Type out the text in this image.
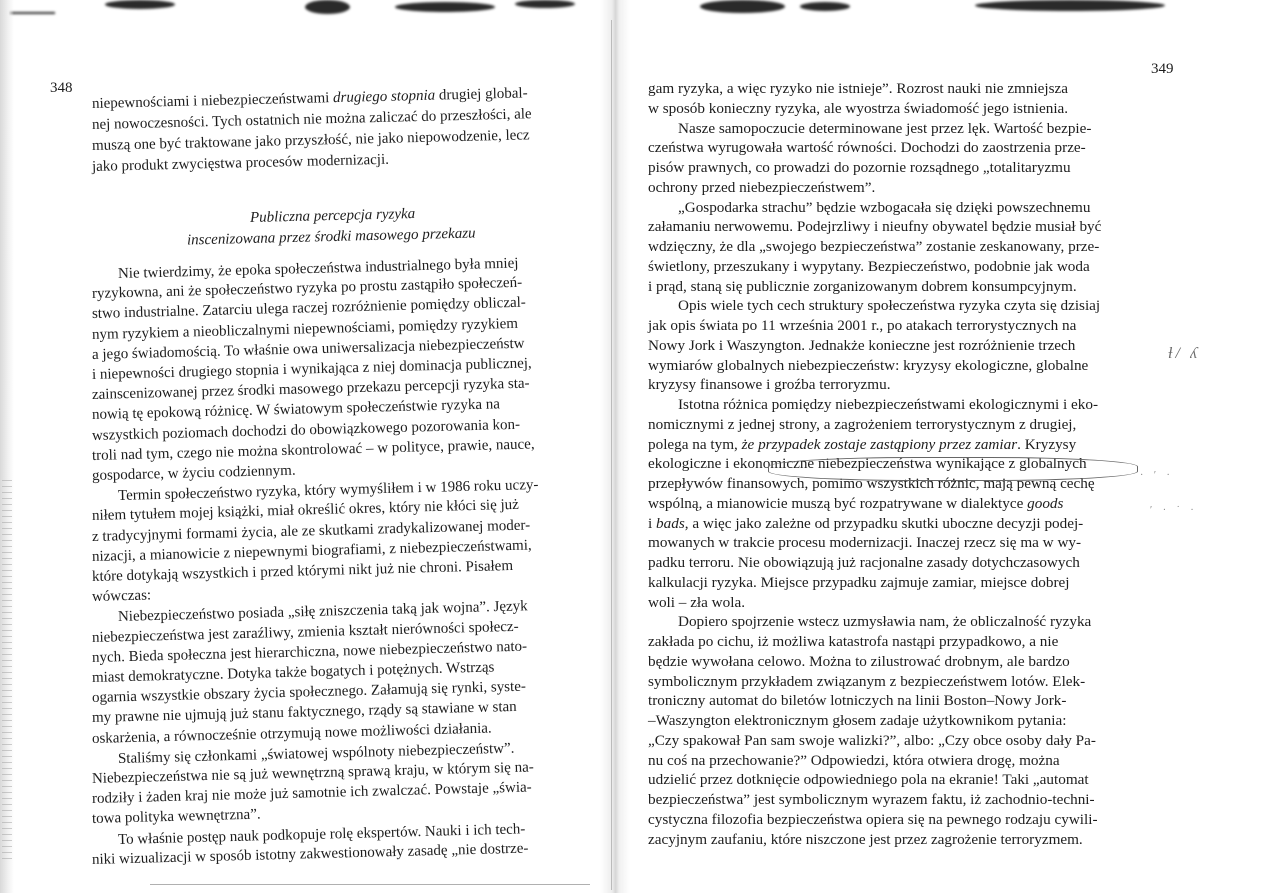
348
niepewnościami i niebezpieczeństwami drugiego stopnia drugiej global-
nej nowoczesności. Tych ostatnich nie można zaliczać do przeszłości, ale
muszą one być traktowane jako przyszłość, nie jako niepowodzenie, lecz
jako produkt zwycięstwa procesów modernizacji.
Publiczna percepcja ryzyka
inscenizowana przez środki masowego przekazu
Nie twierdzimy, że epoka społeczeństwa industrialnego była mniej
ryzykowna, ani że społeczeństwo ryzyka po prostu zastąpiło społeczeń-
stwo industrialne. Zatarciu ulega raczej rozróżnienie pomiędzy obliczal-
nym ryzykiem a nieobliczalnymi niepewnościami, pomiędzy ryzykiem
a jego świadomością. To właśnie owa uniwersalizacja niebezpieczeństw
i niepewności drugiego stopnia i wynikająca z niej dominacja publicznej,
zainscenizowanej przez środki masowego przekazu percepcji ryzyka sta-
nowią tę epokową różnicę. W światowym społeczeństwie ryzyka na
wszystkich poziomach dochodzi do obowiązkowego pozorowania kon-
troli nad tym, czego nie można skontrolować – w polityce, prawie, nauce,
gospodarce, w życiu codziennym.
Termin społeczeństwo ryzyka, który wymyśliłem i w 1986 roku uczy-
niłem tytułem mojej książki, miał określić okres, który nie kłóci się już
z tradycyjnymi formami życia, ale ze skutkami zradykalizowanej moder-
nizacji, a mianowicie z niepewnymi biografiami, z niebezpieczeństwami,
które dotykają wszystkich i przed którymi nikt już nie chroni. Pisałem
wówczas:
Niebezpieczeństwo posiada „siłę zniszczenia taką jak wojna”. Język
niebezpieczeństwa jest zaraźliwy, zmienia kształt nierówności społecz-
nych. Bieda społeczna jest hierarchiczna, nowe niebezpieczeństwo nato-
miast demokratyczne. Dotyka także bogatych i potężnych. Wstrząs
ogarnia wszystkie obszary życia społecznego. Załamują się rynki, syste-
my prawne nie ujmują już stanu faktycznego, rządy są stawiane w stan
oskarżenia, a równocześnie otrzymują nowe możliwości działania.
Staliśmy się członkami „światowej wspólnoty niebezpieczeństw”.
Niebezpieczeństwa nie są już wewnętrzną sprawą kraju, w którym się na-
rodziły i żaden kraj nie może już samotnie ich zwalczać. Powstaje „świa-
towa polityka wewnętrzna”.
To właśnie postęp nauk podkopuje rolę ekspertów. Nauki i ich tech-
niki wizualizacji w sposób istotny zakwestionowały zasadę „nie dostrze-
349
gam ryzyka, a więc ryzyko nie istnieje”. Rozrost nauki nie zmniejsza
w sposób konieczny ryzyka, ale wyostrza świadomość jego istnienia.
Nasze samopoczucie determinowane jest przez lęk. Wartość bezpie-
czeństwa wyrugowała wartość równości. Dochodzi do zaostrzenia prze-
pisów prawnych, co prowadzi do pozornie rozsądnego „totalitaryzmu
ochrony przed niebezpieczeństwem”.
„Gospodarka strachu” będzie wzbogacała się dzięki powszechnemu
załamaniu nerwowemu. Podejrzliwy i nieufny obywatel będzie musiał być
wdzięczny, że dla „swojego bezpieczeństwa” zostanie zeskanowany, prze-
świetlony, przeszukany i wypytany. Bezpieczeństwo, podobnie jak woda
i prąd, staną się publicznie zorganizowanym dobrem konsumpcyjnym.
Opis wiele tych cech struktury społeczeństwa ryzyka czyta się dzisiaj
jak opis świata po 11 września 2001 r., po atakach terrorystycznych na
Nowy Jork i Waszyngton. Jednakże konieczne jest rozróżnienie trzech
wymiarów globalnych niebezpieczeństw: kryzysy ekologiczne, globalne
kryzysy finansowe i groźba terroryzmu.
Istotna różnica pomiędzy niebezpieczeństwami ekologicznymi i eko-
nomicznymi z jednej strony, a zagrożeniem terrorystycznym z drugiej,
polega na tym, że przypadek zostaje zastąpiony przez zamiar. Kryzysy
ekologiczne i ekonomiczne niebezpieczeństwa wynikające z globalnych
przepływów finansowych, pomimo wszystkich różnic, mają pewną cechę
wspólną, a mianowicie muszą być rozpatrywane w dialektyce goods
i bads, a więc jako zależne od przypadku skutki uboczne decyzji podej-
mowanych w trakcie procesu modernizacji. Inaczej rzecz się ma w wy-
padku terroru. Nie obowiązują już racjonalne zasady dotychczasowych
kalkulacji ryzyka. Miejsce przypadku zajmuje zamiar, miejsce dobrej
woli – zła wola.
Dopiero spojrzenie wstecz uzmysławia nam, że obliczalność ryzyka
zakłada po cichu, iż możliwa katastrofa nastąpi przypadkowo, a nie
będzie wywołana celowo. Można to zilustrować drobnym, ale bardzo
symbolicznym przykładem związanym z bezpieczeństwem lotów. Elek-
troniczny automat do biletów lotniczych na linii Boston–Nowy Jork-
–Waszyngton elektronicznym głosem zadaje użytkownikom pytania:
„Czy spakował Pan sam swoje walizki?”, albo: „Czy obce osoby dały Pa-
nu coś na przechowanie?” Odpowiedzi, która otwiera drogę, można
udzielić przez dotknięcie odpowiedniego pola na ekranie! Taki „automat
bezpieczeństwa” jest symbolicznym wyrazem faktu, iż zachodnio-techni-
cystyczna filozofia bezpieczeństwa opiera się na pewnego rodzaju cywili-
zacyjnym zaufaniu, które niszczone jest przez zagrożenie terroryzmem.
ƚ/ ʎ
· ′ ·
′ · ˙ ·
